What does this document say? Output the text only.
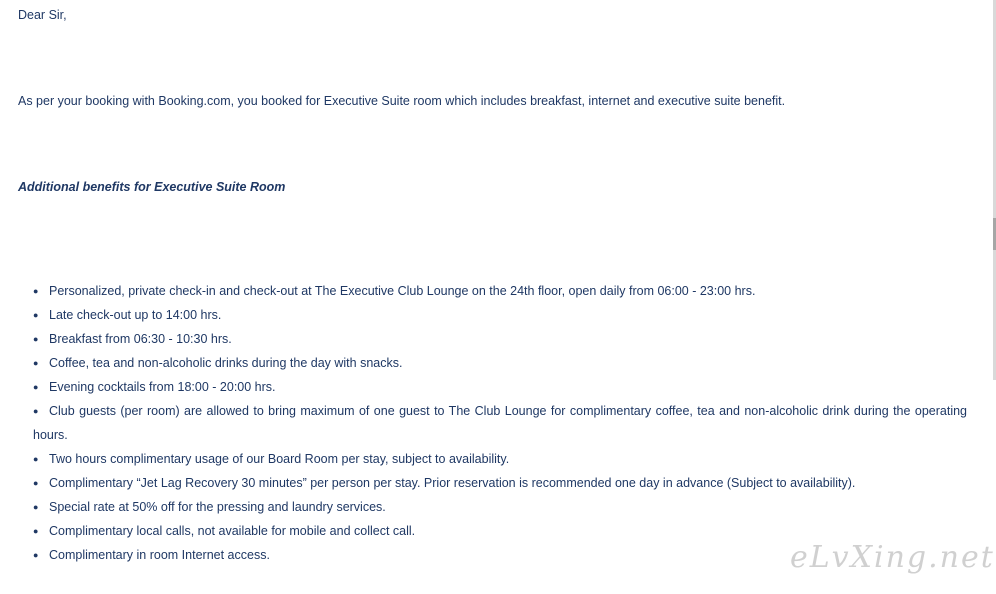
Dear Sir,

As per your booking with Booking.com, you booked for Executive Suite room which includes breakfast, internet and executive suite benefit.

Additional benefits for Executive Suite Room

● Personalized, private check-in and check-out at The Executive Club Lounge on the 24th floor, open daily from 06:00 - 23:00 hrs.
● Late check-out up to 14:00 hrs.
● Breakfast from 06:30 - 10:30 hrs.
● Coffee, tea and non-alcoholic drinks during the day with snacks.
● Evening cocktails from 18:00 - 20:00 hrs.
● Club guests (per room) are allowed to bring maximum of one guest to The Club Lounge for complimentary coffee, tea and non-alcoholic drink during the operating hours.
● Two hours complimentary usage of our Board Room per stay, subject to availability.
● Complimentary “Jet Lag Recovery 30 minutes” per person per stay. Prior reservation is recommended one day in advance (Subject to availability).
● Special rate at 50% off for the pressing and laundry services.
● Complimentary local calls, not available for mobile and collect call.
● Complimentary in room Internet access.	eLvXing.net
